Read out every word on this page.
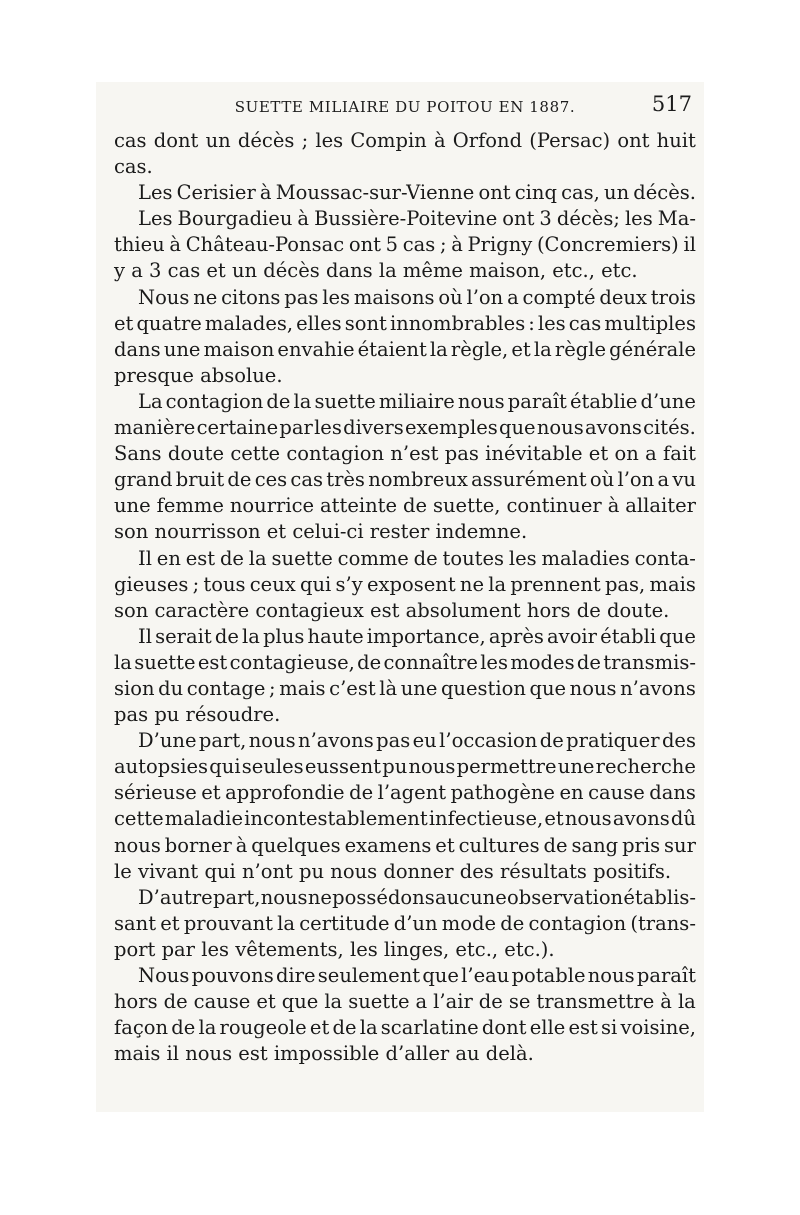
SUETTE MILIAIRE DU POITOU EN 1887.	517
cas dont un décès ; les Compin à Orfond (Persac) ont huit
cas.
Les Cerisier à Moussac-sur-Vienne ont cinq cas, un décès.
Les Bourgadieu à Bussière-Poitevine ont 3 décès; les Ma-
thieu à Château-Ponsac ont 5 cas ; à Prigny (Concremiers) il
y a 3 cas et un décès dans la même maison, etc., etc.
Nous ne citons pas les maisons où l’on a compté deux trois
et quatre malades, elles sont innombrables : les cas multiples
dans une maison envahie étaient la règle, et la règle générale
presque absolue.
La contagion de la suette miliaire nous paraît établie d’une
manière certaine par les divers exemples que nous avons cités.
Sans doute cette contagion n’est pas inévitable et on a fait
grand bruit de ces cas très nombreux assurément où l’on a vu
une femme nourrice atteinte de suette, continuer à allaiter
son nourrisson et celui-ci rester indemne.
Il en est de la suette comme de toutes les maladies conta-
gieuses ; tous ceux qui s’y exposent ne la prennent pas, mais
son caractère contagieux est absolument hors de doute.
Il serait de la plus haute importance, après avoir établi que
la suette est contagieuse, de connaître les modes de transmis-
sion du contage ; mais c’est là une question que nous n’avons
pas pu résoudre.
D’une part, nous n’avons pas eu l’occasion de pratiquer des
autopsies qui seules eussent pu nous permettre une recherche
sérieuse et approfondie de l’agent pathogène en cause dans
cette maladie incontestablement infectieuse, et nous avons dû
nous borner à quelques examens et cultures de sang pris sur
le vivant qui n’ont pu nous donner des résultats positifs.
D’autre part, nous ne possédons aucune observation établis-
sant et prouvant la certitude d’un mode de contagion (trans-
port par les vêtements, les linges, etc., etc.).
Nous pouvons dire seulement que l’eau potable nous paraît
hors de cause et que la suette a l’air de se transmettre à la
façon de la rougeole et de la scarlatine dont elle est si voisine,
mais il nous est impossible d’aller au delà.
